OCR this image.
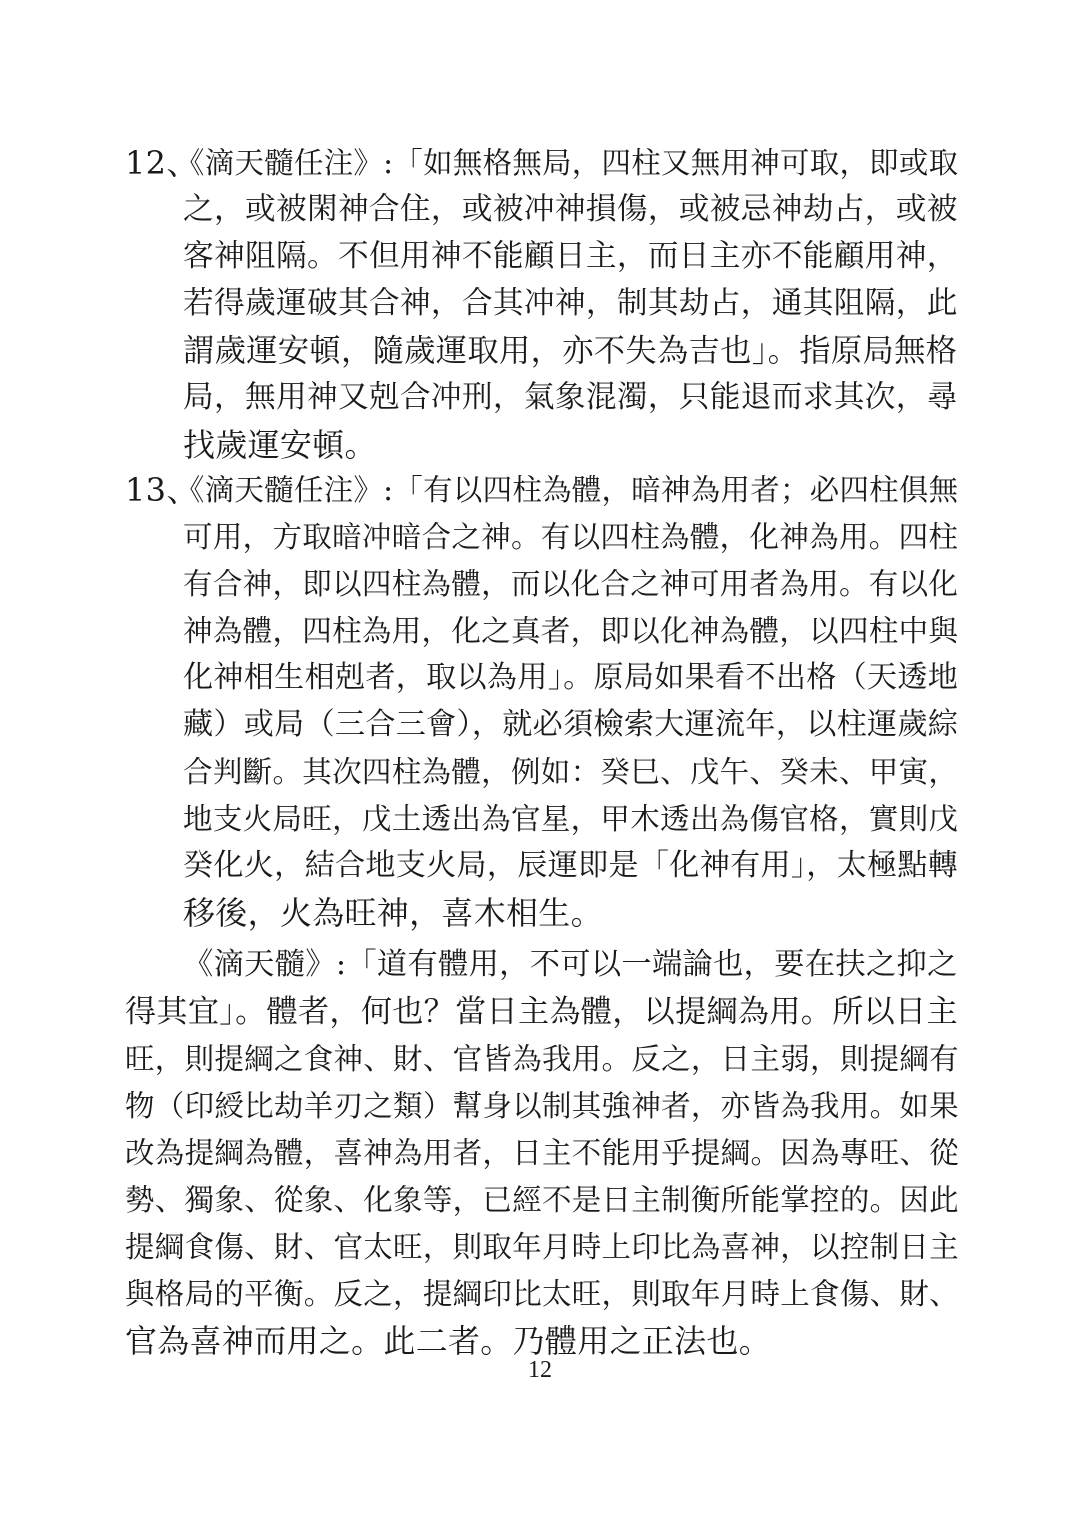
12、
《滴天髓任注》:「如無格無局，四柱又無用神可取，即或取
之，或被閑神合住，或被冲神損傷，或被忌神劫占，或被
客神阻隔。不但用神不能顧日主，而日主亦不能顧用神，
若得歲運破其合神，合其冲神，制其劫占，通其阻隔，此
謂歲運安頓，隨歲運取用，亦不失為吉也」。指原局無格
局，無用神又剋合冲刑，氣象混濁，只能退而求其次，尋
找歲運安頓。
13、
《滴天髓任注》:「有以四柱為體，暗神為用者；必四柱俱無
可用，方取暗冲暗合之神。有以四柱為體，化神為用。四柱
有合神，即以四柱為體，而以化合之神可用者為用。有以化
神為體，四柱為用，化之真者，即以化神為體，以四柱中與
化神相生相剋者，取以為用」。原局如果看不出格（天透地
藏）或局（三合三會），就必須檢索大運流年，以柱運歲綜
合判斷。其次四柱為體，例如：癸巳、戊午、癸未、甲寅，
地支火局旺，戊土透出為官星，甲木透出為傷官格，實則戊
癸化火，結合地支火局，辰運即是「化神有用」，太極點轉
移後，火為旺神，喜木相生。
《滴天髓》:「道有體用，不可以一端論也，要在扶之抑之
得其宜」。體者，何也？當日主為體，以提綱為用。所以日主
旺，則提綱之食神、財、官皆為我用。反之，日主弱，則提綱有
物（印綬比劫羊刃之類）幫身以制其強神者，亦皆為我用。如果
改為提綱為體，喜神為用者，日主不能用乎提綱。因為專旺、從
勢、獨象、從象、化象等，已經不是日主制衡所能掌控的。因此
提綱食傷、財、官太旺，則取年月時上印比為喜神，以控制日主
與格局的平衡。反之，提綱印比太旺，則取年月時上食傷、財、
官為喜神而用之。此二者。乃體用之正法也。
12
